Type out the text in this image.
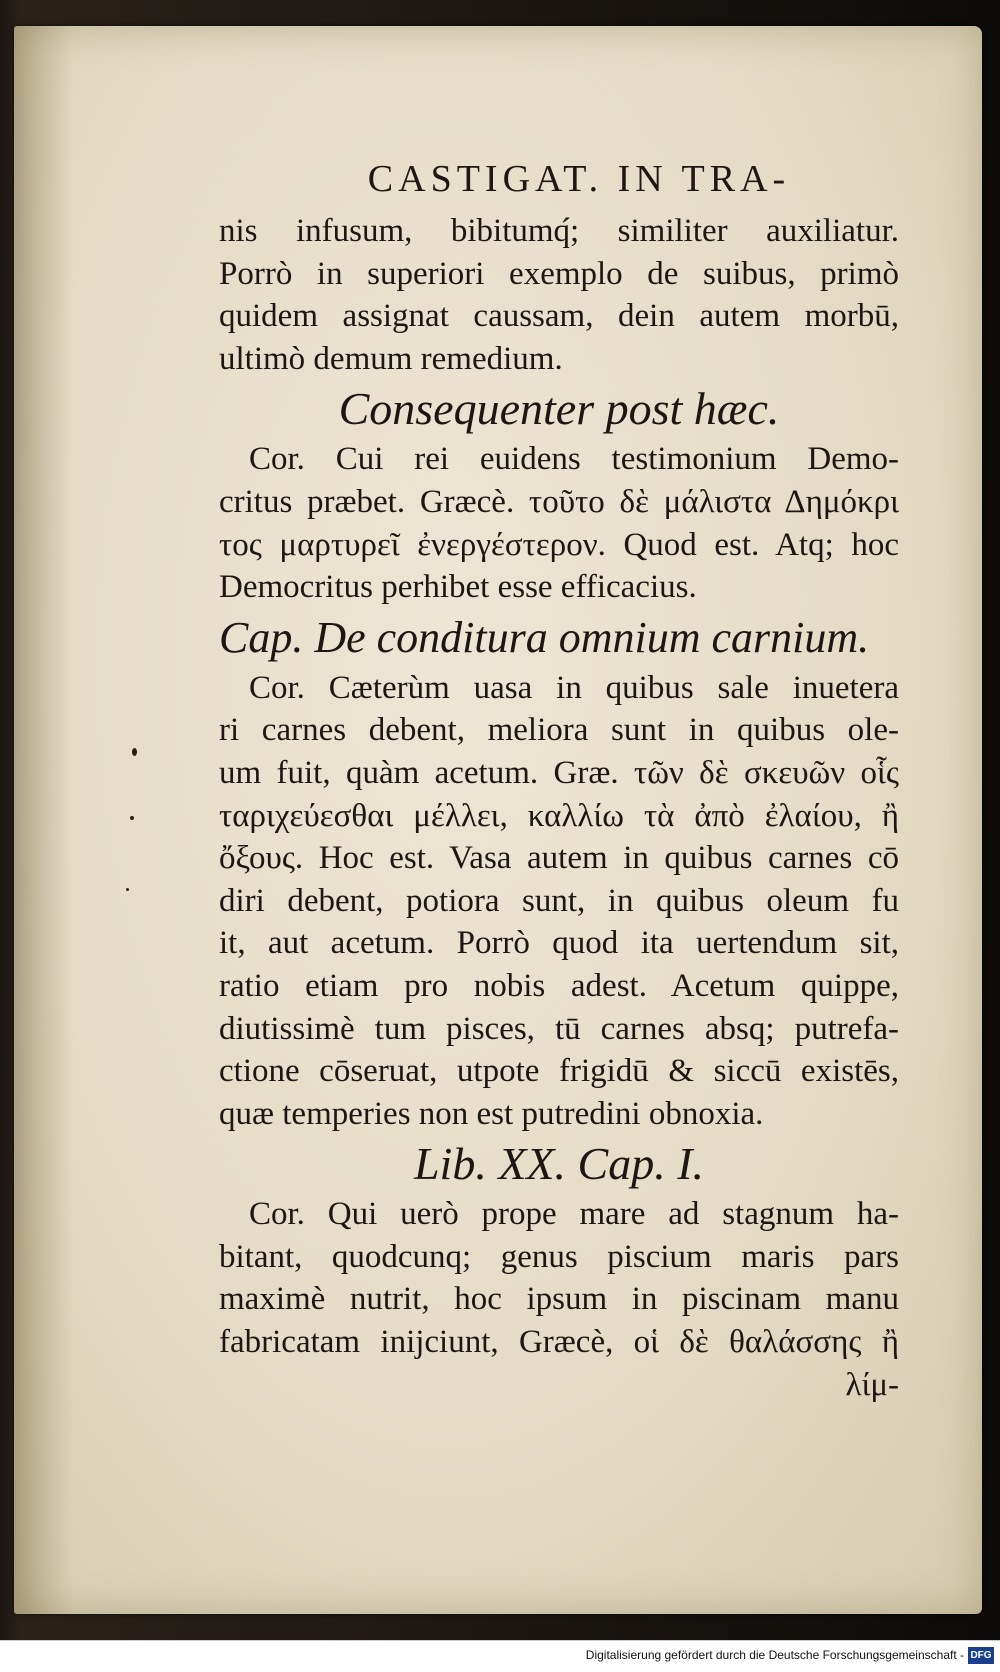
CASTIGAT. IN TRA-
nis infusum, bibitumq́; similiter auxiliatur.
Porrò in superiori exemplo de suibus, primò
quidem assignat caussam, dein autem morbū,
ultimò demum remedium.
Consequenter post hæc.
Cor. Cui rei euidens testimonium Demo-
critus præbet. Græcè. τοῦτο δὲ μάλιστα Δημόκρι
τος μαρτυρεῖ ἐνεργέστερον. Quod est. Atq; hoc
Democritus perhibet esse efficacius.
Cap. De conditura omnium carnium.
Cor. Cæterùm uasa in quibus sale inuetera
ri carnes debent, meliora sunt in quibus ole-
um fuit, quàm acetum. Græ. τῶν δὲ σκευῶν οἷς
ταριχεύεσθαι μέλλει, καλλίω τὰ ἀπὸ ἐλαίου, ἢ
ὄξους. Hoc est. Vasa autem in quibus carnes cō
diri debent, potiora sunt, in quibus oleum fu
it, aut acetum. Porrò quod ita uertendum sit,
ratio etiam pro nobis adest. Acetum quippe,
diutissimè tum pisces, tū carnes absq; putrefa-
ctione cōseruat, utpote frigidū & siccū existēs,
quæ temperies non est putredini obnoxia.
Lib. XX. Cap. I.
Cor. Qui uerò prope mare ad stagnum ha-
bitant, quodcunq; genus piscium maris pars
maximè nutrit, hoc ipsum in piscinam manu
fabricatam inijciunt, Græcè, οἱ δὲ θαλάσσης ἢ
λίμ-
Digitalisierung gefördert durch die Deutsche Forschungsgemeinschaft - DFG
